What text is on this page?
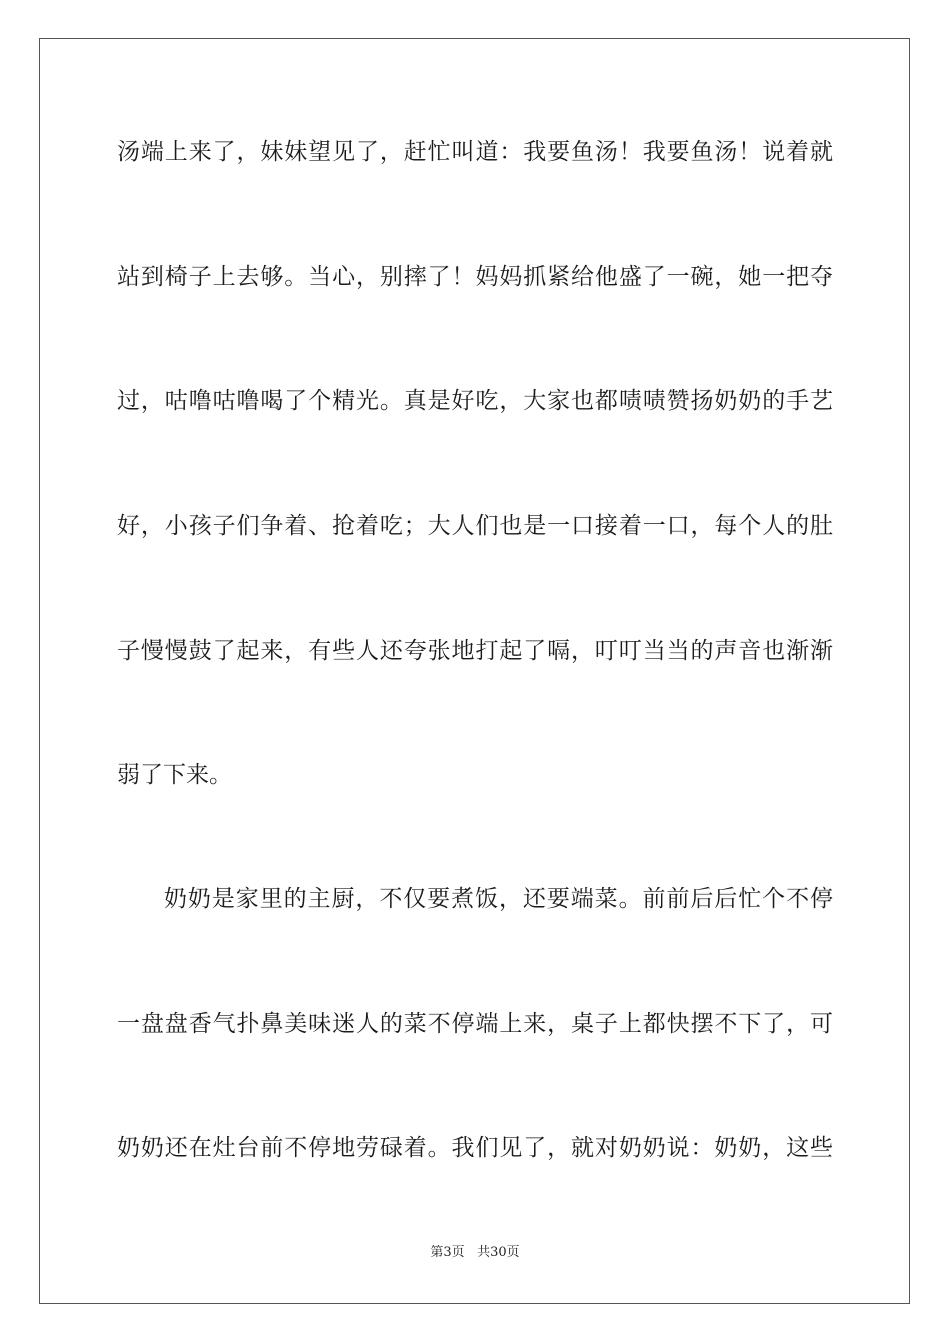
汤端上来了，妹妹望见了，赶忙叫道：我要鱼汤！我要鱼汤！说着就
站到椅子上去够。当心，别摔了！妈妈抓紧给他盛了一碗，她一把夺
过，咕噜咕噜喝了个精光。真是好吃，大家也都啧啧赞扬奶奶的手艺
好，小孩子们争着、抢着吃；大人们也是一口接着一口，每个人的肚
子慢慢鼓了起来，有些人还夸张地打起了嗝，叮叮当当的声音也渐渐
弱了下来。
奶奶是家里的主厨，不仅要煮饭，还要端菜。前前后后忙个不停
一盘盘香气扑鼻美味迷人的菜不停端上来，桌子上都快摆不下了，可
奶奶还在灶台前不停地劳碌着。我们见了，就对奶奶说：奶奶，这些
第3页 共30页
